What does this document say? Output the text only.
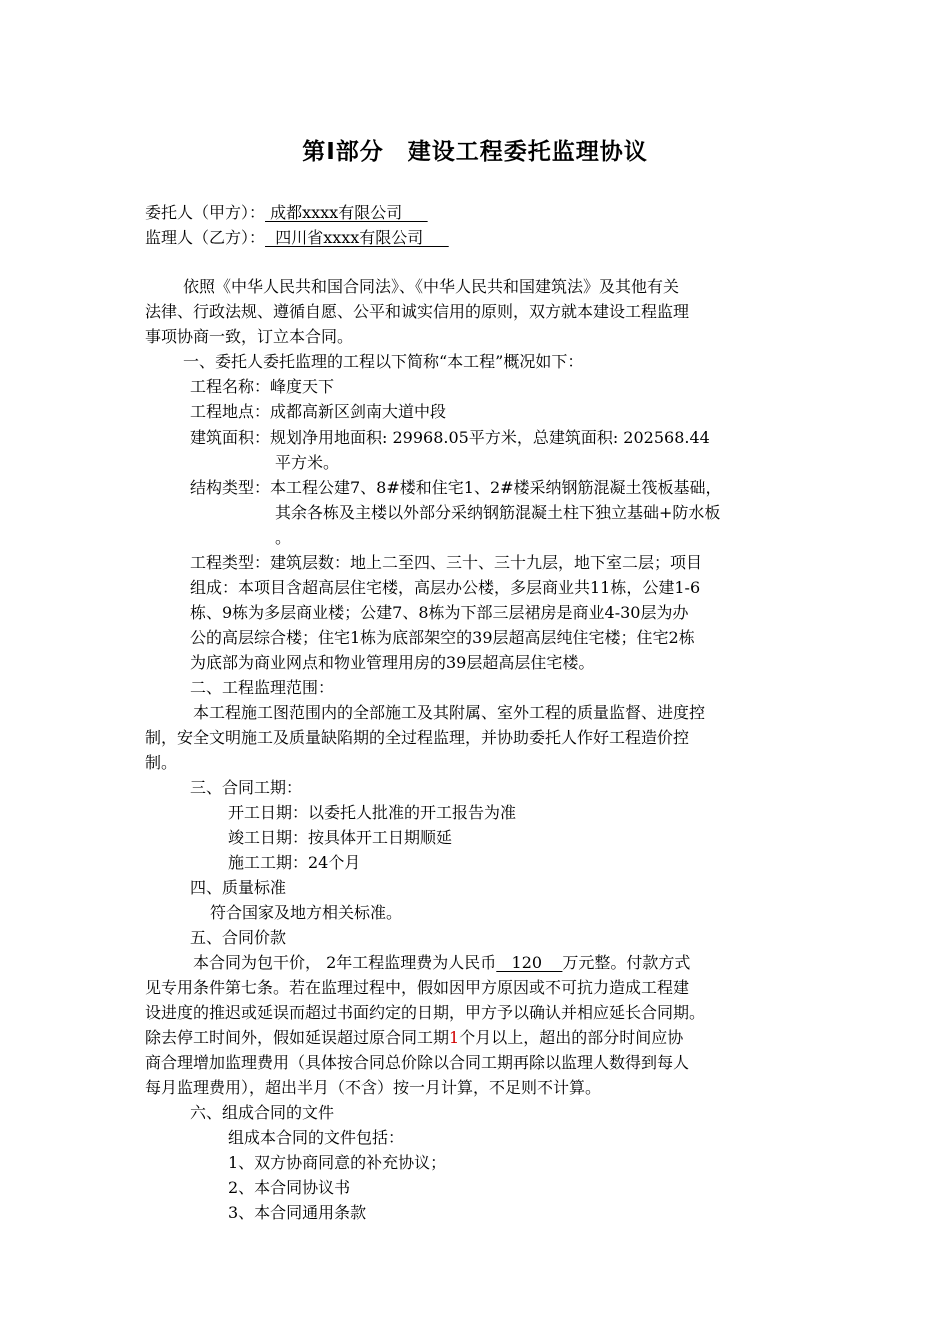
第Ⅰ部分　建设工程委托监理协议
委托人（甲方）： 成都xxxx有限公司
监理人（乙方）：  四川省xxxx有限公司
依照《中华人民共和国合同法》、《中华人民共和国建筑法》及其他有关
法律、行政法规、遵循自愿、公平和诚实信用的原则，双方就本建设工程监理
事项协商一致，订立本合同。
一、委托人委托监理的工程以下简称“本工程”概况如下：
工程名称：峰度天下
工程地点：成都高新区剑南大道中段
建筑面积：规划净用地面积: 29968.05平方米，总建筑面积: 202568.44
平方米。
结构类型：本工程公建7、8#楼和住宅1、2#楼采纳钢筋混凝土筏板基础，
其余各栋及主楼以外部分采纳钢筋混凝土柱下独立基础+防水板
。
工程类型：建筑层数：地上二至四、三十、三十九层，地下室二层；项目
组成：本项目含超高层住宅楼，高层办公楼，多层商业共11栋，公建1-6
栋、9栋为多层商业楼；公建7、8栋为下部三层裙房是商业4-30层为办
公的高层综合楼；住宅1栋为底部架空的39层超高层纯住宅楼；住宅2栋
为底部为商业网点和物业管理用房的39层超高层住宅楼。
二、工程监理范围：
本工程施工图范围内的全部施工及其附属、室外工程的质量监督、进度控
制，安全文明施工及质量缺陷期的全过程监理，并协助委托人作好工程造价控
制。
三、合同工期：
开工日期：以委托人批准的开工报告为准
竣工日期：按具体开工日期顺延
施工工期：24个月
四、质量标准
符合国家及地方相关标准。
五、合同价款
本合同为包干价， 2年工程监理费为人民币   120    万元整。付款方式
见专用条件第七条。若在监理过程中，假如因甲方原因或不可抗力造成工程建
设进度的推迟或延误而超过书面约定的日期，甲方予以确认并相应延长合同期。
除去停工时间外，假如延误超过原合同工期1个月以上，超出的部分时间应协
商合理增加监理费用（具体按合同总价除以合同工期再除以监理人数得到每人
每月监理费用），超出半月（不含）按一月计算，不足则不计算。
六、组成合同的文件
组成本合同的文件包括：
1、双方协商同意的补充协议；
2、本合同协议书
3、本合同通用条款
